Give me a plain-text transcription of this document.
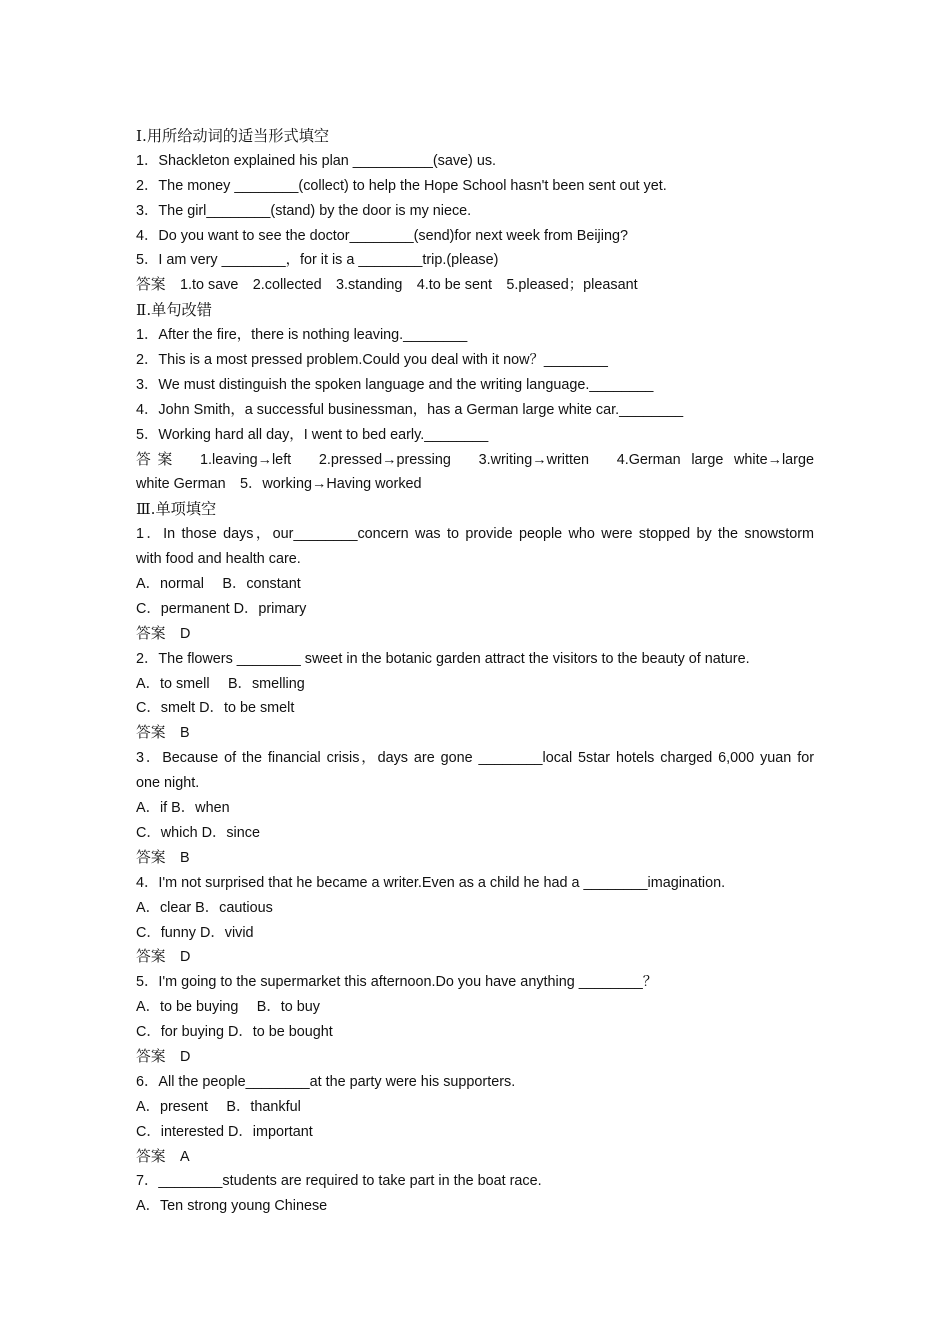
Ⅰ.用所给动词的适当形式填空
1．Shackleton explained his plan __________(save) us.
2．The money ________(collect) to help the Hope School hasn't been sent out yet.
3．The girl________(stand) by the door is my niece.
4．Do you want to see the doctor________(send)for next week from Beijing?
5．I am very ________，for it is a ________trip.(please)
答案　1.to save　2.collected　3.standing　4.to be sent　5.pleased；pleasant
Ⅱ.单句改错
1．After the fire，there is nothing leaving.________
2．This is a most pressed problem.Could you deal with it now？________
3．We must distinguish the spoken language and the writing language.________
4．John Smith，a successful businessman，has a German large white car.________
5．Working hard all day，I went to bed early.________
答案　1.leaving→left　2.pressed→pressing　3.writing→written　4.German large white→large
white German　5．working→Having worked
Ⅲ.单项填空
1．In those days，our________concern was to provide people who were stopped by the snowstorm
with food and health care.
A．normal　 B．constant
C．permanent D．primary
答案　D
2．The flowers ________ sweet in the botanic garden attract the visitors to the beauty of nature.
A．to smell　 B．smelling
C．smelt D．to be smelt
答案　B
3．Because of the financial crisis，days are gone ________local 5star hotels charged 6,000 yuan for
one night.
A．if B．when
C．which D．since
答案　B
4．I'm not surprised that he became a writer.Even as a child he had a ________imagination.
A．clear B．cautious
C．funny D．vivid
答案　D
5．I'm going to the supermarket this afternoon.Do you have anything ________？
A．to be buying　 B．to buy
C．for buying D．to be bought
答案　D
6．All the people________at the party were his supporters.
A．present　 B．thankful
C．interested D．important
答案　A
7．________students are required to take part in the boat race.
A．Ten strong young Chinese
